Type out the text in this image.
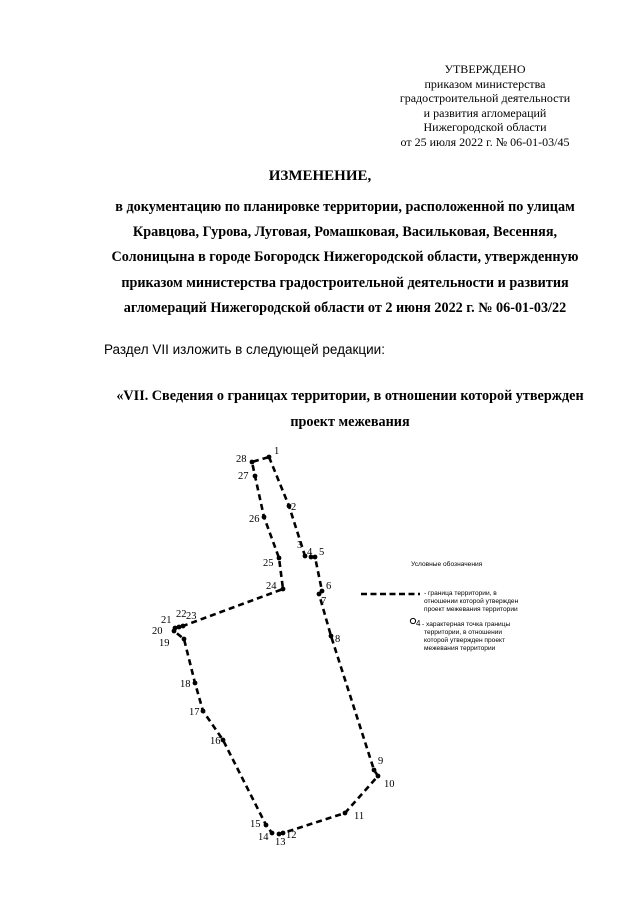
УТВЕРЖДЕНО
приказом министерства
градостроительной деятельности
и развития агломераций
Нижегородской области
от 25 июля 2022 г. № 06-01-03/45
ИЗМЕНЕНИЕ,
в документацию по планировке территории, расположенной по улицам
Кравцова, Гурова, Луговая, Ромашковая, Васильковая, Весенняя,
Солоницына в городе Богородск Нижегородской области, утвержденную
приказом министерства градостроительной деятельности и развития
агломераций Нижегородской области от 2 июня 2022 г. № 06-01-03/22
Раздел VII изложить в следующей редакции:
«VII. Сведения о границах территории, в отношении которой утвержден
проект межевания
1
2
3
4 5
6
7
8
9
10
11
12
13
14
15
16
17
18
19
20
21
22 23
24
25
26
27
28
Условные обозначения
- граница территории, в
отношении которой утвержден
проект межевания территории
4 - характерная точка границы
территории, в отношении
которой утвержден проект
межевания территории
